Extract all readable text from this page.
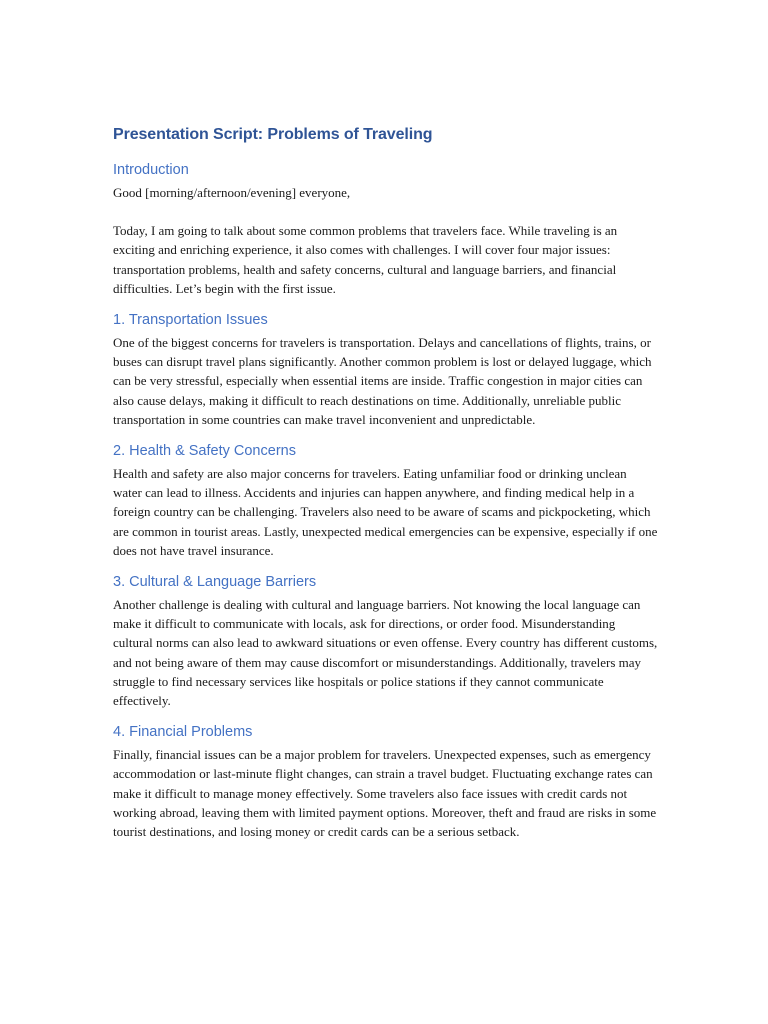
Presentation Script: Problems of Traveling
Introduction

Good [morning/afternoon/evening] everyone,

Today, I am going to talk about some common problems that travelers face. While traveling is an exciting and enriching experience, it also comes with challenges. I will cover four major issues: transportation problems, health and safety concerns, cultural and language barriers, and financial difficulties. Let’s begin with the first issue.

1. Transportation Issues

One of the biggest concerns for travelers is transportation. Delays and cancellations of flights, trains, or buses can disrupt travel plans significantly. Another common problem is lost or delayed luggage, which can be very stressful, especially when essential items are inside. Traffic congestion in major cities can also cause delays, making it difficult to reach destinations on time. Additionally, unreliable public transportation in some countries can make travel inconvenient and unpredictable.

2. Health & Safety Concerns

Health and safety are also major concerns for travelers. Eating unfamiliar food or drinking unclean water can lead to illness. Accidents and injuries can happen anywhere, and finding medical help in a foreign country can be challenging. Travelers also need to be aware of scams and pickpocketing, which are common in tourist areas. Lastly, unexpected medical emergencies can be expensive, especially if one does not have travel insurance.

3. Cultural & Language Barriers

Another challenge is dealing with cultural and language barriers. Not knowing the local language can make it difficult to communicate with locals, ask for directions, or order food. Misunderstanding cultural norms can also lead to awkward situations or even offense. Every country has different customs, and not being aware of them may cause discomfort or misunderstandings. Additionally, travelers may struggle to find necessary services like hospitals or police stations if they cannot communicate effectively.

4. Financial Problems

Finally, financial issues can be a major problem for travelers. Unexpected expenses, such as emergency accommodation or last-minute flight changes, can strain a travel budget. Fluctuating exchange rates can make it difficult to manage money effectively. Some travelers also face issues with credit cards not working abroad, leaving them with limited payment options. Moreover, theft and fraud are risks in some tourist destinations, and losing money or credit cards can be a serious setback.
